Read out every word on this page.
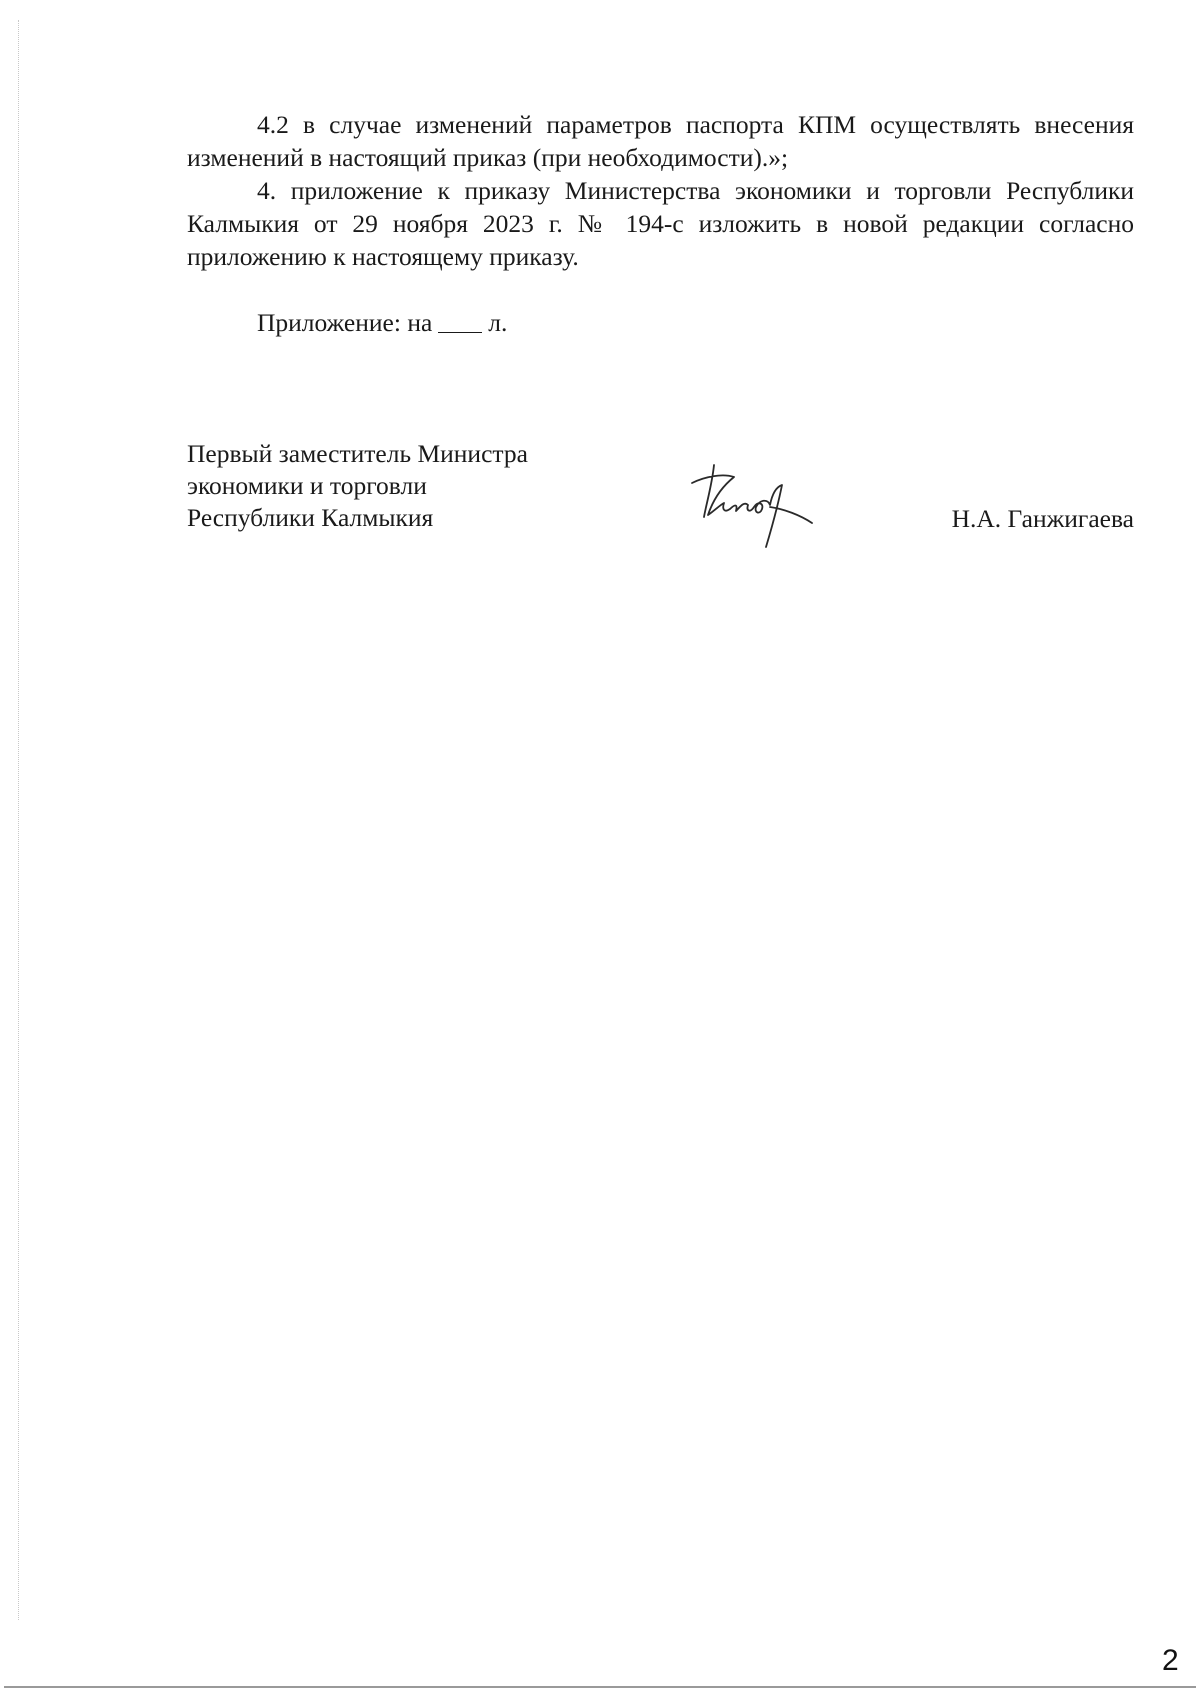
4.2 в случае изменений параметров паспорта КПМ осуществлять внесения изменений в настоящий приказ (при необходимости).»;

4. приложение к приказу Министерства экономики и торговли Республики Калмыкия от 29 ноября 2023 г. № 194-с изложить в новой редакции согласно приложению к настоящему приказу.

Приложение: на л.
Первый заместитель Министра
экономики и торговли
Республики Калмыкия	Н.А. Ганжигаева
2
